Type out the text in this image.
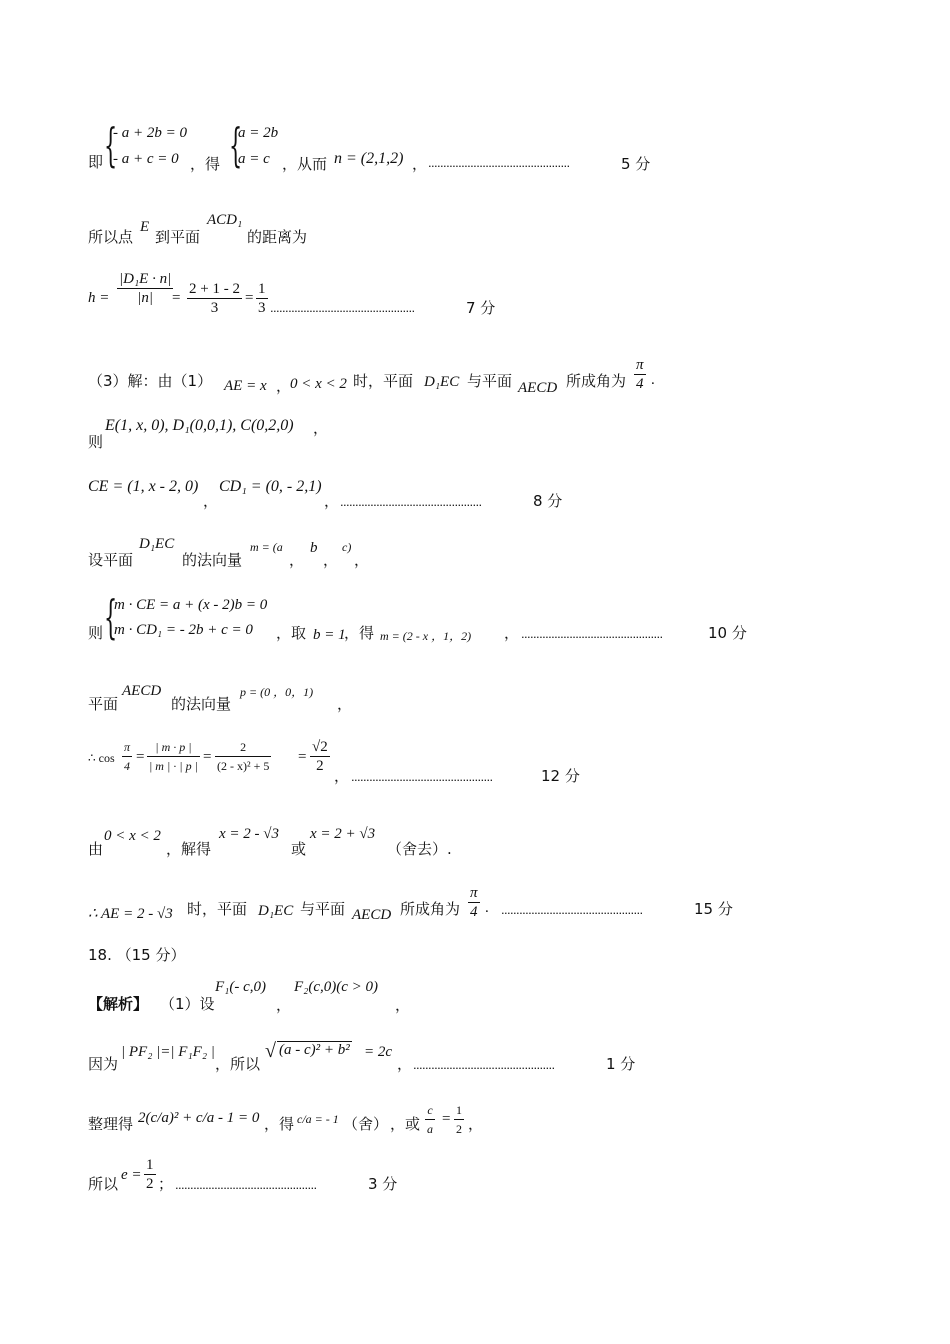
即 {
- a + 2b = 0
- a + c = 0 ，得 {
a = 2b
a = c ，从而 n = (2,1,2) ， ...............................................	5 分
所以点
E
到平面
ACD₁
的距离为
$h = \frac{\text{|D₁E · n|}}{|n|}$
= $\frac{2 + 1 - 2}{3} = \frac{1}{3}$ ................................................	7 分
（3）解：由（1） AE = x ，
0 < x < 2 时，平面 D₁EC 与平面 AECD 所成角为 $\frac{\pi}{4}$ .
则
E(1, x, 0), D₁(0,0,1), C(0,2,0) ，
CE = (1, x - 2, 0)
，
CD₁ = (0, - 2,1)
， ...............................................	8 分
设平面
D₁EC
的法向量
m = (a
，
b
，
c)
，
则 {
m · CE = a + (x - 2)b = 0
m · CD₁ = - 2b + c = 0 ，取 b = 1
，得 m = (2 - x ，1，2) ， ...............................................	10 分
平面
AECD
的法向量
p = (0 ，0，1)
，
∴ $\cos \frac{\pi}{4} = \frac{| m \cdot p |}{| m | \cdot | p |} = \frac{2}{\text{(2 - x)² + 5}} = \frac{√2}{2}$
， ...............................................	12 分
由
0 < x < 2
，解得
x = 2 - √3
或
x = 2 + √3
（舍去）.
∴ AE = 2 - √3 时，平面 D₁EC 与平面 AECD 所成角为 $\frac{\pi}{4}$ . ...............................................	15 分
18. （15 分）
【解析】 （1）设
F₁(- c,0)
，
F₂(c,0)(c > 0)
，
因为
| PF₂ |=| F₁F₂ |
，所以
√ (a - c)² + b² = 2c
， ...............................................	1 分
整理得 2(c/a)² + c/a - 1 = 0 ，得 c/a = - 1 （舍） ，或 $\frac{c}{a} = \frac{1}{2}$ ，
所以 $e = \frac{1}{2}$ ； ...............................................	3 分
